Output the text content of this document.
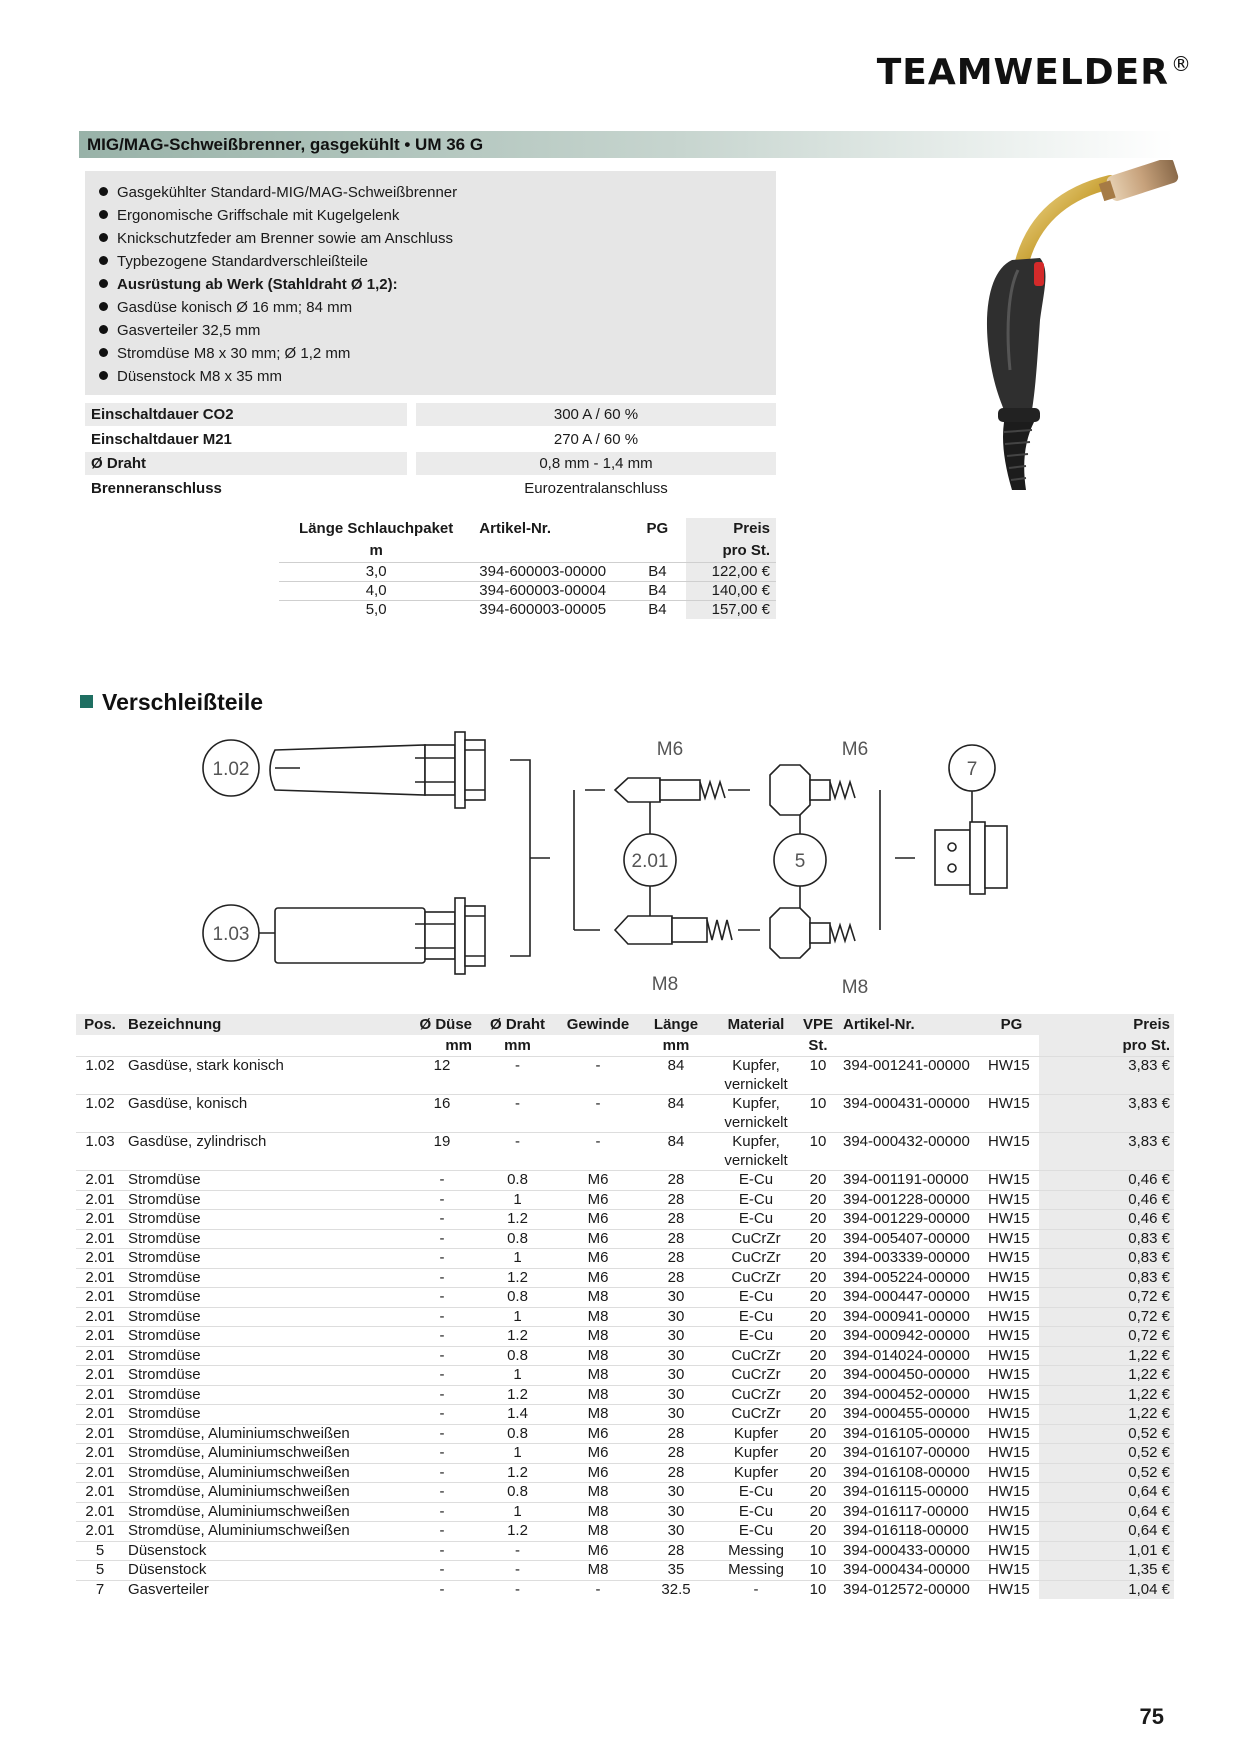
TEAMWELDER ®
MIG/MAG-Schweißbrenner, gasgekühlt • UM 36 G
Gasgekühlter Standard-MIG/MAG-Schweißbrenner
Ergonomische Griffschale mit Kugelgelenk
Knickschutzfeder am Brenner sowie am Anschluss
Typbezogene Standardverschleißteile
Ausrüstung ab Werk (Stahldraht Ø 1,2):
Gasdüse konisch Ø 16 mm; 84 mm
Gasverteiler 32,5 mm
Stromdüse M8 x 30 mm; Ø 1,2 mm
Düsenstock M8 x 35 mm
Einschaltdauer CO2	300 A / 60 %
Einschaltdauer M21	270 A / 60 %
Ø Draht	0,8 mm - 1,4 mm
Brenneranschluss	Eurozentralanschluss
Länge Schlauchpaket	Artikel-Nr.	PG	Preis
m			pro St.
3,0	394-600003-00000	B4	122,00 €
4,0	394-600003-00004	B4	140,00 €
5,0	394-600003-00005	B4	157,00 €
Verschleißteile
1.02
1.03
2.01	5
7
M6	M6
M8	M8
Pos.	Bezeichnung	Ø Düse	Ø Draht	Gewinde	Länge	Material	VPE	Artikel-Nr.	PG	Preis
		mm	mm		mm		St.			pro St.
1.02	Gasdüse, stark konisch	12	-	-	84	Kupfer, vernickelt	10	394-001241-00000	HW15	3,83 €
1.02	Gasdüse, konisch	16	-	-	84	Kupfer, vernickelt	10	394-000431-00000	HW15	3,83 €
1.03	Gasdüse, zylindrisch	19	-	-	84	Kupfer, vernickelt	10	394-000432-00000	HW15	3,83 €
2.01	Stromdüse	-	0.8	M6	28	E-Cu	20	394-001191-00000	HW15	0,46 €
2.01	Stromdüse	-	1	M6	28	E-Cu	20	394-001228-00000	HW15	0,46 €
2.01	Stromdüse	-	1.2	M6	28	E-Cu	20	394-001229-00000	HW15	0,46 €
2.01	Stromdüse	-	0.8	M6	28	CuCrZr	20	394-005407-00000	HW15	0,83 €
2.01	Stromdüse	-	1	M6	28	CuCrZr	20	394-003339-00000	HW15	0,83 €
2.01	Stromdüse	-	1.2	M6	28	CuCrZr	20	394-005224-00000	HW15	0,83 €
2.01	Stromdüse	-	0.8	M8	30	E-Cu	20	394-000447-00000	HW15	0,72 €
2.01	Stromdüse	-	1	M8	30	E-Cu	20	394-000941-00000	HW15	0,72 €
2.01	Stromdüse	-	1.2	M8	30	E-Cu	20	394-000942-00000	HW15	0,72 €
2.01	Stromdüse	-	0.8	M8	30	CuCrZr	20	394-014024-00000	HW15	1,22 €
2.01	Stromdüse	-	1	M8	30	CuCrZr	20	394-000450-00000	HW15	1,22 €
2.01	Stromdüse	-	1.2	M8	30	CuCrZr	20	394-000452-00000	HW15	1,22 €
2.01	Stromdüse	-	1.4	M8	30	CuCrZr	20	394-000455-00000	HW15	1,22 €
2.01	Stromdüse, Aluminiumschweißen	-	0.8	M6	28	Kupfer	20	394-016105-00000	HW15	0,52 €
2.01	Stromdüse, Aluminiumschweißen	-	1	M6	28	Kupfer	20	394-016107-00000	HW15	0,52 €
2.01	Stromdüse, Aluminiumschweißen	-	1.2	M6	28	Kupfer	20	394-016108-00000	HW15	0,52 €
2.01	Stromdüse, Aluminiumschweißen	-	0.8	M8	30	E-Cu	20	394-016115-00000	HW15	0,64 €
2.01	Stromdüse, Aluminiumschweißen	-	1	M8	30	E-Cu	20	394-016117-00000	HW15	0,64 €
2.01	Stromdüse, Aluminiumschweißen	-	1.2	M8	30	E-Cu	20	394-016118-00000	HW15	0,64 €
5	Düsenstock	-	-	M6	28	Messing	10	394-000433-00000	HW15	1,01 €
5	Düsenstock	-	-	M8	35	Messing	10	394-000434-00000	HW15	1,35 €
7	Gasverteiler	-	-	-	32.5	-	10	394-012572-00000	HW15	1,04 €
75
